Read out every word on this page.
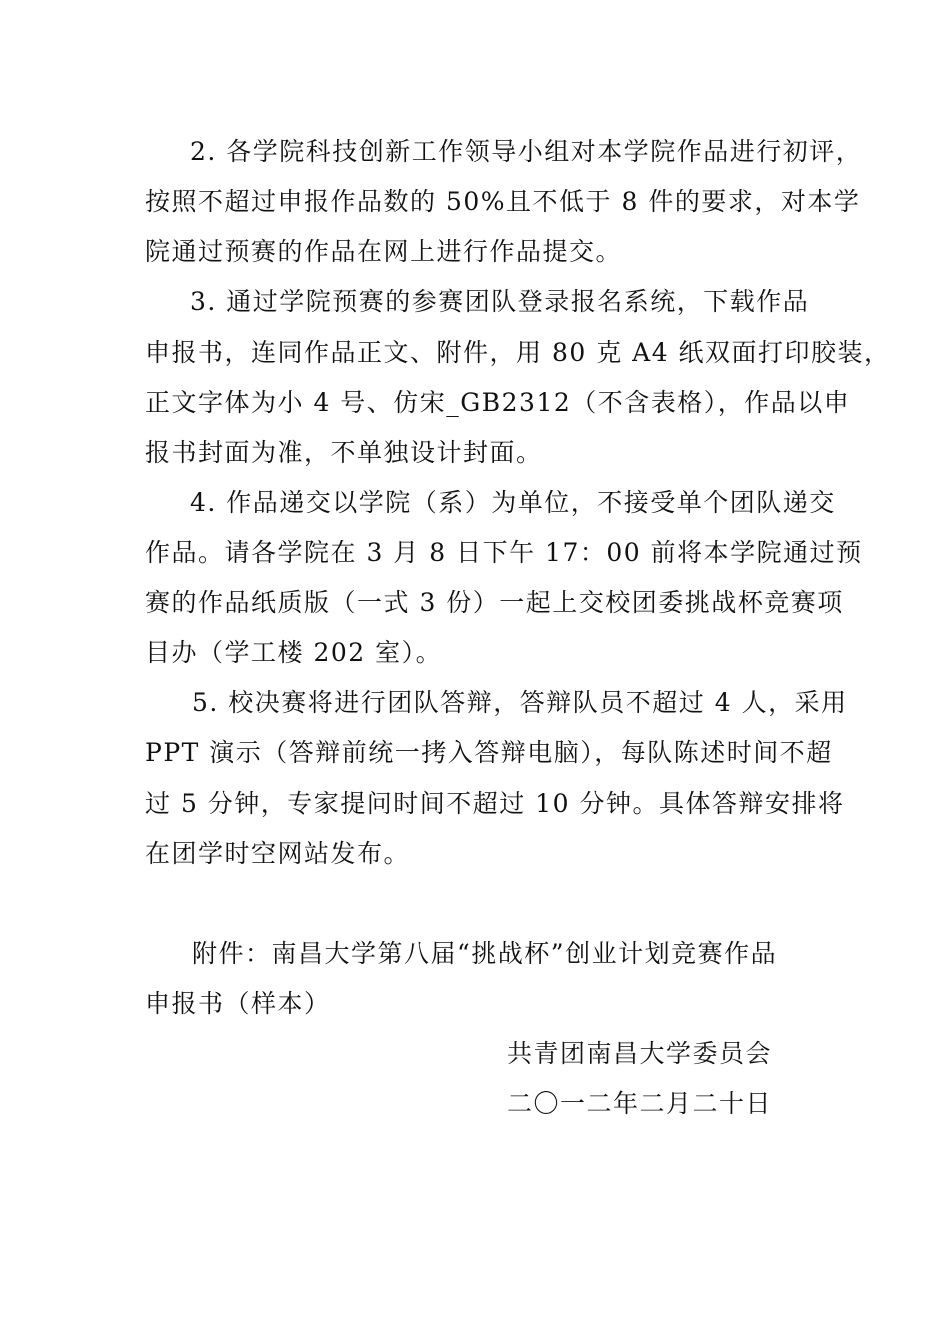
2. 各学院科技创新工作领导小组对本学院作品进行初评，
按照不超过申报作品数的 50%且不低于 8 件的要求，对本学
院通过预赛的作品在网上进行作品提交。
3. 通过学院预赛的参赛团队登录报名系统，下载作品
申报书，连同作品正文、附件，用 80 克 A4 纸双面打印胶装，
正文字体为小 4 号、仿宋_GB2312（不含表格），作品以申
报书封面为准，不单独设计封面。
4. 作品递交以学院（系）为单位，不接受单个团队递交
作品。请各学院在 3 月 8 日下午 17：00 前将本学院通过预
赛的作品纸质版（一式 3 份）一起上交校团委挑战杯竞赛项
目办（学工楼 202 室）。
5. 校决赛将进行团队答辩，答辩队员不超过 4 人，采用
PPT 演示（答辩前统一拷入答辩电脑），每队陈述时间不超
过 5 分钟，专家提问时间不超过 10 分钟。具体答辩安排将
在团学时空网站发布。
附件：南昌大学第八届“挑战杯”创业计划竞赛作品
申报书（样本）
共青团南昌大学委员会
二〇一二年二月二十日
